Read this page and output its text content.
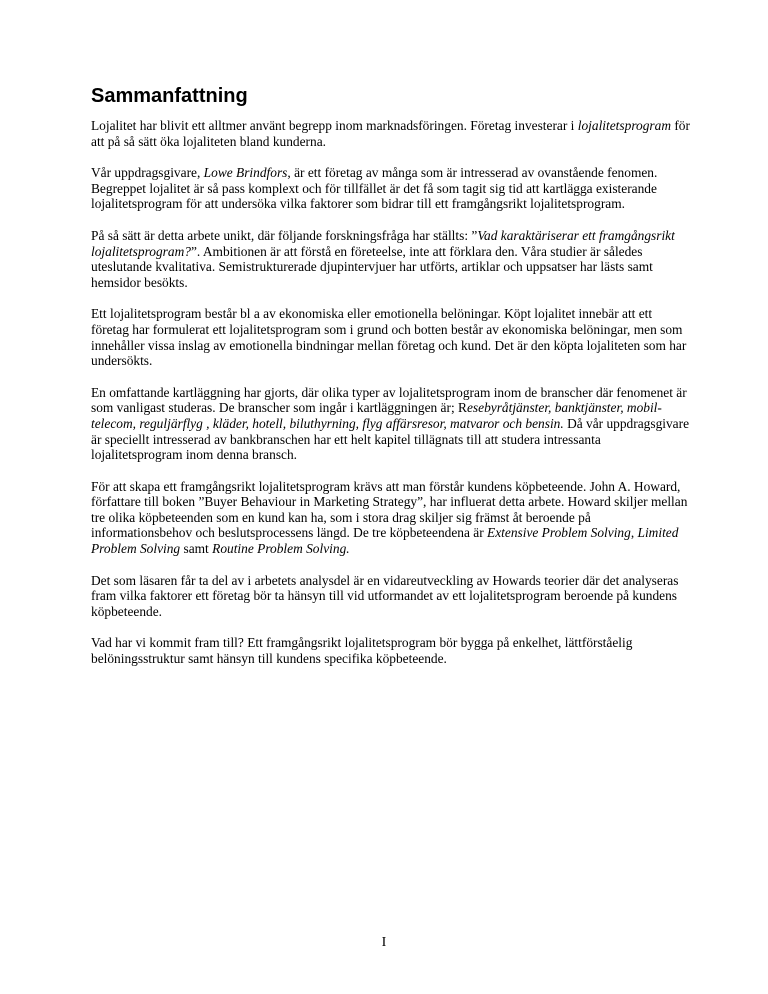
Sammanfattning

Lojalitet har blivit ett alltmer använt begrepp inom marknadsföringen. Företag investerar i lojalitetsprogram för att på så sätt öka lojaliteten bland kunderna.

Vår uppdragsgivare, Lowe Brindfors, är ett företag av många som är intresserad av ovanstående fenomen. Begreppet lojalitet är så pass komplext och för tillfället är det få som tagit sig tid att kartlägga existerande lojalitetsprogram för att undersöka vilka faktorer som bidrar till ett framgångsrikt lojalitetsprogram.

På så sätt är detta arbete unikt, där följande forskningsfråga har ställts: ”Vad karaktäriserar ett framgångsrikt lojalitetsprogram?”. Ambitionen är att förstå en företeelse, inte att förklara den. Våra studier är således uteslutande kvalitativa. Semistrukturerade djupintervjuer har utförts, artiklar och uppsatser har lästs samt hemsidor besökts.

Ett lojalitetsprogram består bl a av ekonomiska eller emotionella belöningar. Köpt lojalitet innebär att ett företag har formulerat ett lojalitetsprogram som i grund och botten består av ekonomiska belöningar, men som innehåller vissa inslag av emotionella bindningar mellan företag och kund. Det är den köpta lojaliteten som har undersökts.

En omfattande kartläggning har gjorts, där olika typer av lojalitetsprogram inom de branscher där fenomenet är som vanligast studeras. De branscher som ingår i kartläggningen är; Resebyråtjänster, banktjänster, mobil-telecom, reguljärflyg , kläder, hotell, biluthyrning, flyg affärsresor, matvaror och bensin. Då vår uppdragsgivare är speciellt intresserad av bankbranschen har ett helt kapitel tillägnats till att studera intressanta lojalitetsprogram inom denna bransch.

För att skapa ett framgångsrikt lojalitetsprogram krävs att man förstår kundens köpbeteende. John A. Howard, författare till boken ”Buyer Behaviour in Marketing Strategy”, har influerat detta arbete. Howard skiljer mellan tre olika köpbeteenden som en kund kan ha, som i stora drag skiljer sig främst åt beroende på informationsbehov och beslutsprocessens längd. De tre köpbeteendena är Extensive Problem Solving, Limited Problem Solving samt Routine Problem Solving.

Det som läsaren får ta del av i arbetets analysdel är en vidareutveckling av Howards teorier där det analyseras fram vilka faktorer ett företag bör ta hänsyn till vid utformandet av ett lojalitetsprogram beroende på kundens köpbeteende.

Vad har vi kommit fram till? Ett framgångsrikt lojalitetsprogram bör bygga på enkelhet, lättförståelig belöningsstruktur samt hänsyn till kundens specifika köpbeteende.

I
